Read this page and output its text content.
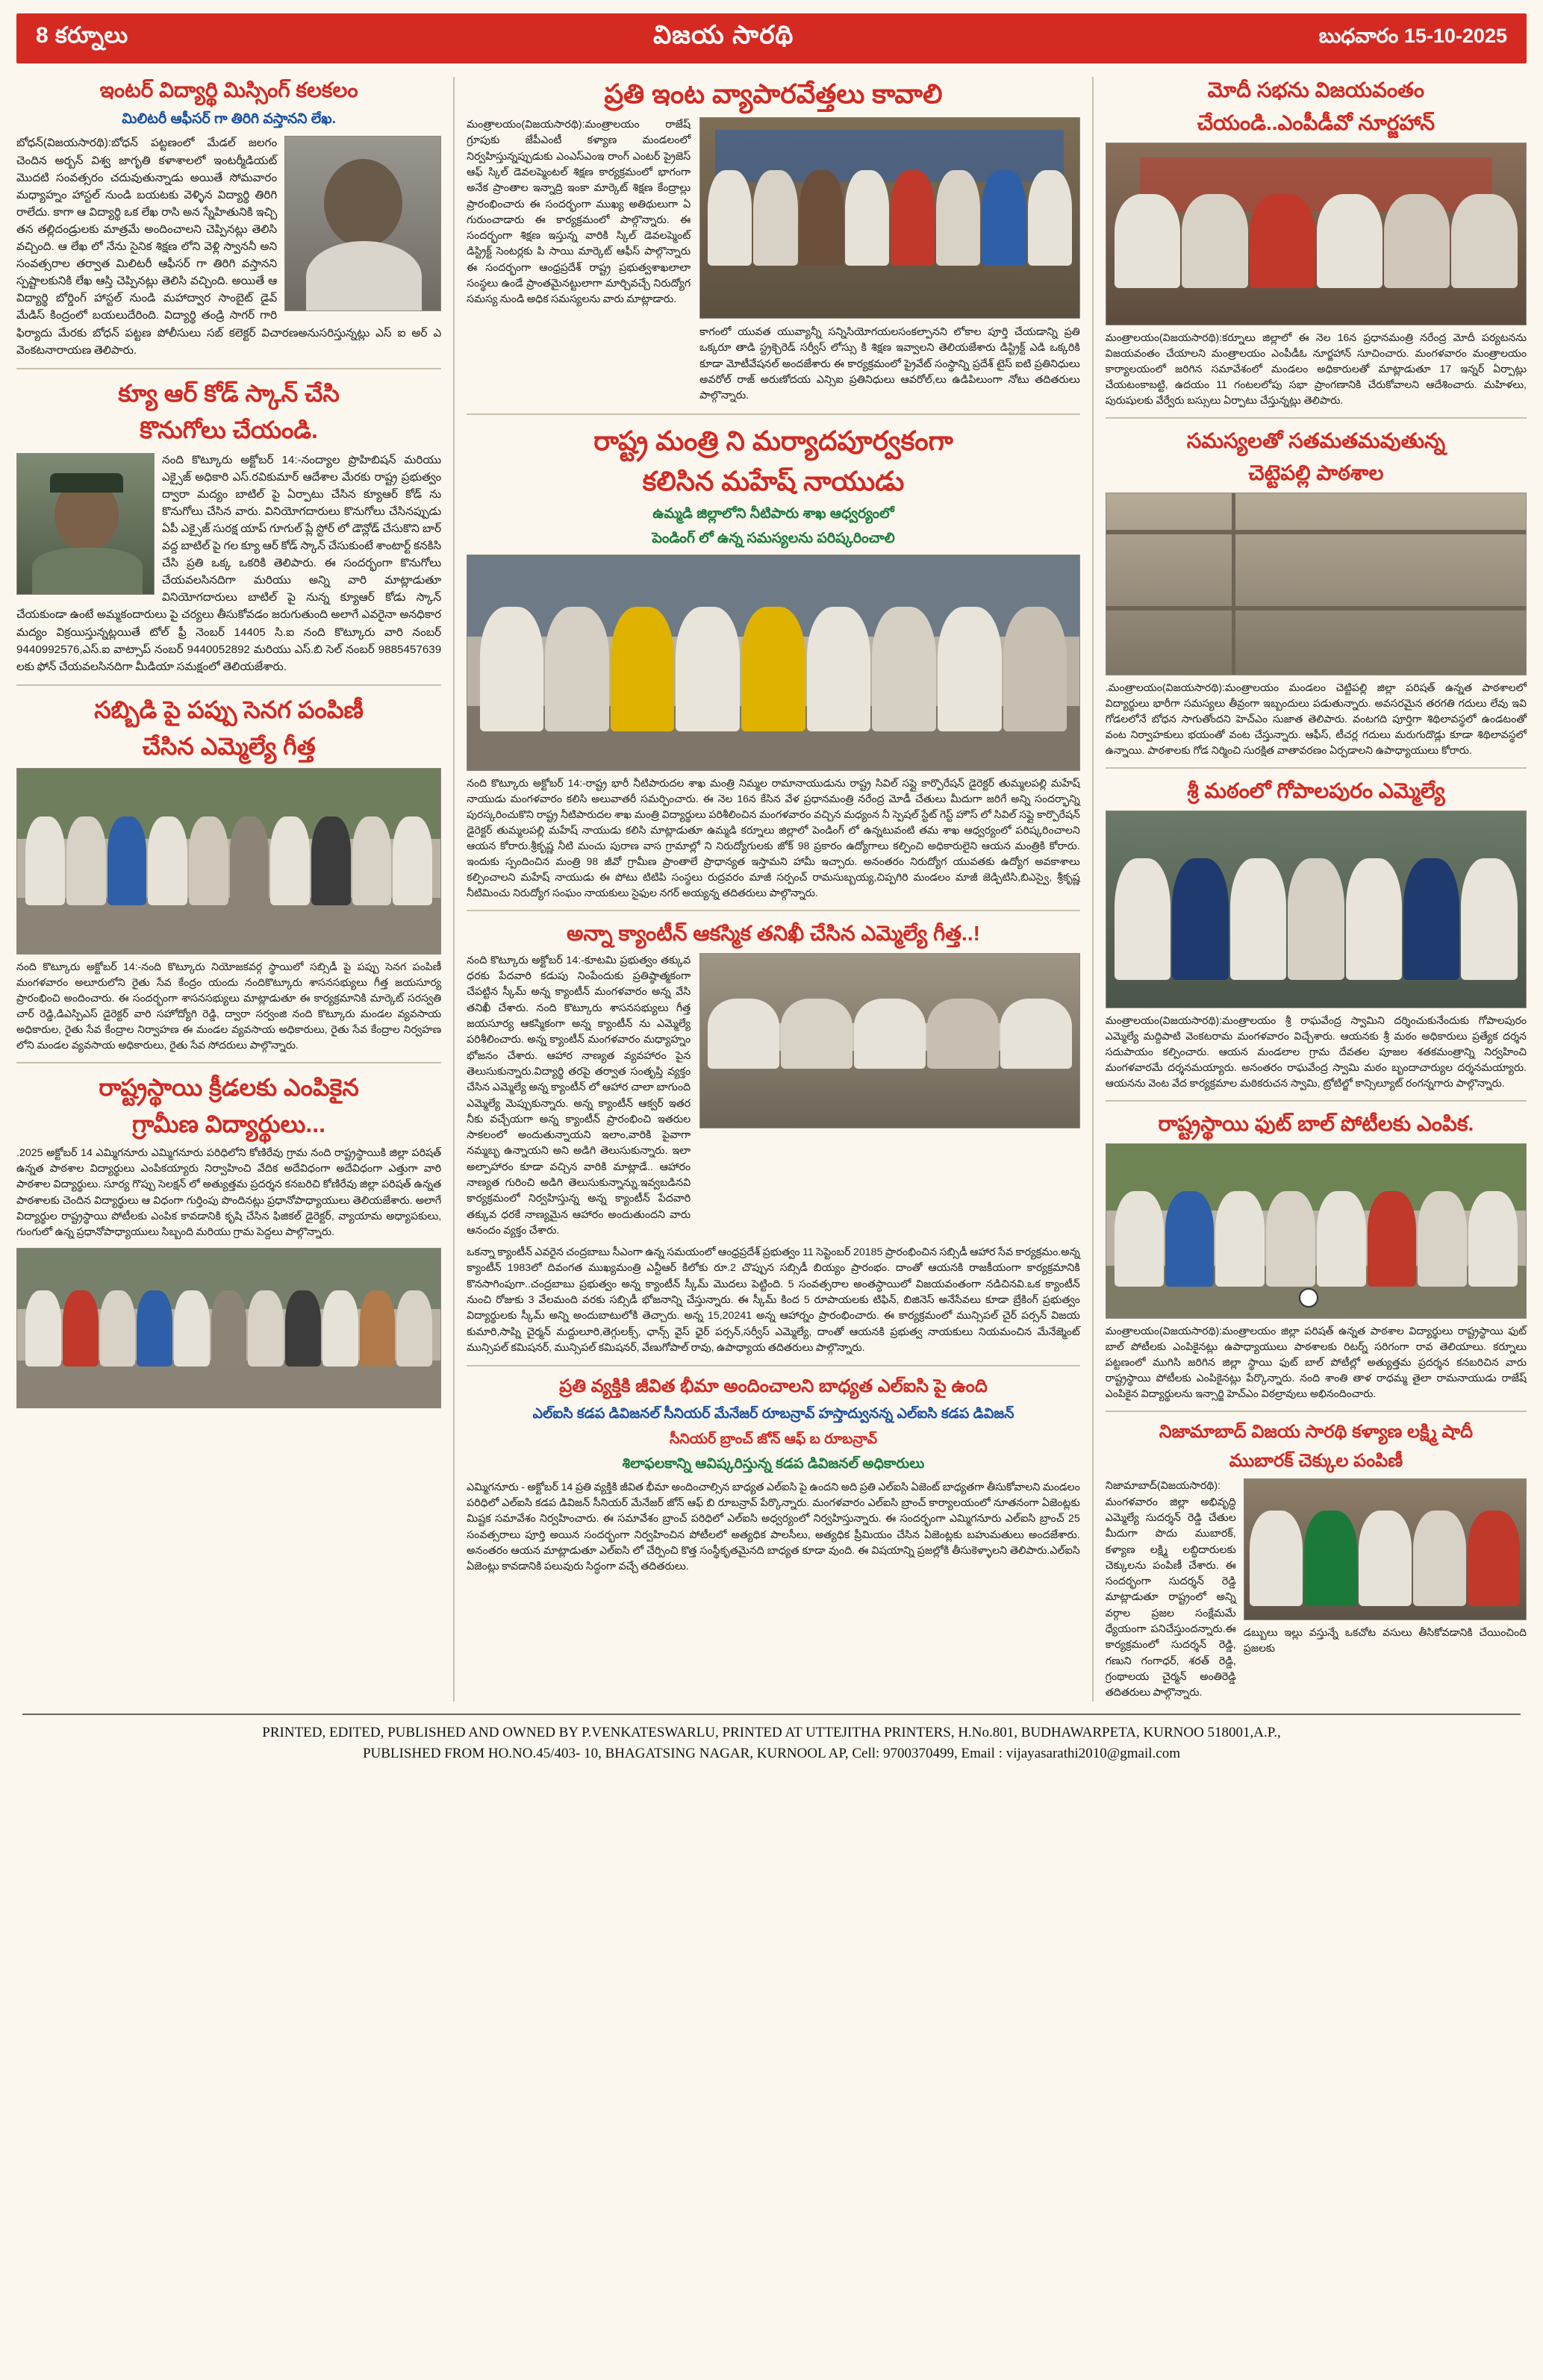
8 కర్నూలు	విజయ సారథి	బుధవారం 15-10-2025
ఇంటర్ విద్యార్థి మిస్సింగ్ కలకలం
మిలిటరీ ఆఫీసర్ గా తిరిగి వస్తానని లేఖ.
బోధన్(విజయసారథి):బోధన్ పట్టణంలో మేడల్ జలగం చెందిన అర్బన్ విశ్వ జాగృతి కళాశాలలో ఇంటర్మీడియట్ మొదటి సంవత్సరం చదువుతున్నాడు అయితే సోమవారం మధ్యాహ్నం హాస్టల్ నుండి బయటకు వెళ్ళిన విద్యార్థి తిరిగి రాలేదు. కాగా ఆ విద్యార్థి ఒక లేఖ రాసి అన స్నేహితునికి ఇచ్చి తన తల్లిదండ్రులకు మాత్రమే అందించాలని చెప్పినట్లు తెలిసి వచ్చింది. ఆ లేఖ లో నేను సైనిక శిక్షణ లోని వెళ్లి స్వాననీ అని సంవత్సరాల తర్వాత మిలిటరీ ఆఫీసర్ గా తిరిగి వస్తానని స్పష్టాలకునికి లేఖ ఆస్తి చెప్పినట్లు తెలిసి వచ్చింది. అయితే ఆ విద్యార్థి బోర్డింగ్ హాస్టల్ నుండి మహాద్వార సాంబైట్ డైవ్ మేడిస్ కింద్రంలో బయలుదేరింది. విద్యార్థి తండ్రి సాగర్ గారి ఫిర్యాదు మేరకు బోధన్ పట్టణ పోలీసులు సబ్ కలెక్టర్ విచారణఅనుసరిస్తున్నట్లు ఎస్ ఐ అర్ ఎ వెంకటనారాయణ తెలిపారు.
క్యూ ఆర్ కోడ్ స్కాన్ చేసి
కొనుగోలు చేయండి.
నంది కొట్కూరు అక్టోబర్ 14:-నంద్యాల ప్రొహిబిషన్ మరియు ఎక్సైజ్ అధికారి ఎస్.రవికుమార్ ఆదేశాల మేరకు రాష్ట్ర ప్రభుత్వం ద్వారా మద్యం బాటిల్ పై ఏర్పాటు చేసిన క్యూఆర్ కోడ్ ను కొనుగోలు చేసిన వారు. వినియోగదారులు కొనుగోలు చేసినప్పుడు ఏపీ ఎక్సైజ్ సురక్ష యాప్ గూగుల్ ప్లే స్టోర్ లో డౌన్లోడ్ చేసుకొని బార్ వద్ద బాటిల్ పై గల క్యూ ఆర్ కోడ్ స్కాన్ చేసుకుంటే శాంటార్ట్ కనకిసి చేసి ప్రతి ఒక్క ఒకరికి తెలిపారు. ఈ సందర్భంగా కొనుగోలు చేయవలసినదిగా మరియు అన్ని వారి మాట్లాడుతూ వినియోగదారులు బాటిల్ పై నున్న క్యూఆర్ కోడు స్కాన్ చేయకుండా ఉంటే అమ్మకందారులు పై చర్యలు తీసుకోవడం జరుగుతుంది అలాగే ఎవరైనా అనధికార మద్యం విక్రయిస్తున్నట్లయితే టోల్ ఫ్రీ నెంబర్ 14405 సి.ఐ నంది కొట్కూరు వారి నంబర్ 9440992576,ఎస్.ఐ వాట్సాప్ నంబర్ 9440052892 మరియు ఎస్.బి సెల్ నంబర్ 9885457639 లకు ఫోన్ చేయవలసినదిగా మీడియా సమక్షంలో తెలియజేశారు.
సబ్బిడి పై పప్పు సెనగ పంపిణీ
చేసిన ఎమ్మెల్యే గీత్త
నంది కొట్కూరు అక్టోబర్ 14:-నంది కొట్కూరు నియోజకవర్గ స్థాయిలో సబ్సిడీ పై పప్పు సెనగ పంపిణీ మంగళవారం అలూరులోని రైతు సేవ కేంద్రం యందు నందికొట్కూరు శాసనసభ్యులు గీత్త జయసూర్య ప్రారంభించి అందించారు. ఈ సందర్భంగా శాసనసభ్యులు మాట్లాడుతూ ఈ కార్యక్రమానికి మార్కెట్ సరస్వతి చార్ రెడ్డి,డిఎస్పిఎస్ డైరెక్టర్ వారి సహోద్యోగి రెడ్డి, ద్వారా సర్వంజి నంది కొట్కూరు మండల వ్యవసాయ అధికారుల, రైతు సేవ కేంద్రాల నిర్వాహణ ఈ మండల వ్యవసాయ అధికారులు, రైతు సేవ కేంద్రాల నిర్వహణ లోని మండల వ్యవసాయ అధికారులు, రైతు సేవ సోదరులు పాల్గొన్నారు.
రాష్ట్రస్థాయి క్రీడలకు ఎంపికైన
గ్రామీణ విద్యార్థులు...
.2025 అక్టోబర్ 14 ఎమ్మిగనూరు ఎమ్మిగనూరు పరిధిలోని కోణిరేవు గ్రామ నంది రాష్ట్రస్థాయికి జిల్లా పరిషత్ ఉన్నత పాఠశాల విద్యార్థులు ఎంపికయ్యారు నిర్వాహించి వేదిక అదేవిధంగా అదేవిధంగా ఎత్తుగా వారి పాఠశాల విద్యార్థులు. సూర్య గొప్పు సెలక్షన్ లో అత్యుత్తమ ప్రదర్శన కనబరిచి కోణిరేవు జిల్లా పరిషత్ ఉన్నత పాఠశాలకు చెందిన విద్యార్థులు ఆ విధంగా గుర్తింపు పొందినట్లు ప్రధానోపాధ్యాయులు తెలియజేశారు. అలాగే విద్యార్థుల రాష్ట్రస్థాయి పోటీలకు ఎంపిక కావడానికి కృషి చేసిన ఫిజికల్ డైరెక్టర్, వ్యాయామ అధ్యాపకులు, గుంగులో ఉన్న ప్రధానోపాధ్యాయులు సిబ్బంది మరియు గ్రామ పెద్దలు పాల్గొన్నారు.
ప్రతి ఇంట వ్యాపారవేత్తలు కావాలి
మంత్రాలయం(విజయసారథి):మంత్రాలయం రాజేష్ గ్రూపుకు జేపీఎంటీ కళ్యాణ మండలంలో నిర్వహిస్తున్నప్పుడుకు ఎంఎస్ఎంఇ రాంగ్ ఎంటర్ ప్రైజెస్ ఆఫ్ స్కిల్ డెవలప్మెంటల్ శిక్షణ కార్యక్రమంలో భాగంగా అనేక ప్రాంతాల ఇన్నాద్రి ఇంకా మార్కెట్ శిక్షణ కేంద్రాల్లు ప్రారంభించారు ఈ సందర్భంగా ముఖ్య అతిథులుగా ఏ గురుంచాడారు ఈ కార్యక్రమంలో పాల్గొన్నారు. ఈ సందర్భంగా శిక్షణ ఇస్తున్న వారికి స్కిల్ డెవలప్మెంట్ డిస్ట్రిక్ట్ సెంటర్లకు పి సాయి మార్కెట్ ఆఫీస్ పాల్గొన్నారు ఈ సందర్భంగా ఆంధ్రప్రదేశ్ రాష్ట్ర ప్రభుత్వశాఖలాలా సంస్థలు ఉండే ప్రాంతమైనట్టులాగా మార్చివచ్చే నిరుద్యోగ సమస్య నుండి అధిక సమస్యలను వారు మాట్లాడారు.
కాగంలో యువత యువ్యాన్నీ సన్నిసియోగయలసంకల్పానని లోకాల పూర్తి చేయడాన్ని ప్రతి ఒక్కరూ తాడి స్ట్రక్చెరెడ్ సర్వీస్ లోస్సు కి శిక్షణ ఇవ్వాలని తెలియజేశారు డిస్ట్రిక్ట్ ఎడి ఒక్కరికి కూడా మోటీవేషనల్ అందజేశారు ఈ కార్యక్రమంలో ప్రైవేట్ సంస్థాన్ని ప్రదేశ్ టైస్ ఐటి ప్రతినిధులు అవరోల్ రాజ్ అరుణోదయ ఎన్సిఐ ప్రతినిధులు ఆవరోల్,లు ఉడిపిలుంగా నోటు తదితరులు పాల్గొన్నారు.
రాష్ట్ర మంత్రి ని మర్యాదపూర్వకంగా
కలిసిన మహేష్ నాయుడు
ఉమ్మడి జిల్లాలోని నీటిపారు శాఖ ఆధ్వర్యంలో
పెండింగ్ లో ఉన్న సమస్యలను పరిష్కరించాలి
నంది కొట్కూరు అక్టోబర్ 14:-రాష్ట్ర భారీ నీటిపారుదల శాఖ మంత్రి నిమ్మల రామానాయుడును రాష్ట్ర సివిల్ సప్లై కార్పొరేషన్ డైరెక్టర్ తుమ్మలపల్లి మహేష్ నాయుడు మంగళవారం కలిసి అలువాతరీ సమర్పించారు. ఈ నెల 16న కేసిన వేళ ప్రధానమంత్రి నరేంద్ర మోడీ చేతులు మీదుగా జరిగే అన్ని సందర్భాన్ని పురస్కరించుకొని రాష్ట్ర నీటిపారుదల శాఖ మంత్రి విద్యార్థులు పరిశీలించిన మంగళవారం వచ్చిన మధ్యంన నీ స్పెషల్ స్టేట్ గెస్ట్ హౌస్ లో సివిల్ సప్లై కార్పొరేషన్ డైరెక్టర్ తుమ్మలపల్లి మహేష్ నాయుడు కలిసి మాట్లాడుతూ ఉమ్మడి కర్నూలు జిల్లాలో పెండింగ్ లో ఉన్నటువంటి తమ శాఖ ఆధ్వర్యంలో పరిష్కరించాలని ఆయన కోరారు.శ్రీకృష్ణ నీటి మంచు పురాణ వాస గ్రామాల్లో ని నిరుద్యోగులకు జోక్ 98 ప్రకారం ఉద్యోగాలు కల్పించి అధికారులైని ఆయన మంత్రికి కోరారు. ఇందుకు స్పందించిన మంత్రి 98 జీవో గ్రామీణ ప్రాంతాలే ప్రాధాన్యత ఇస్తామని హామీ ఇచ్చారు. అనంతరం నిరుద్యోగ యువతకు ఉద్యోగ అవకాశాలు కల్పించాలని మహేష్ నాయుడు ఈ పోటు టిటిపి సంస్థలు రుద్రవరం మాజీ సర్పంచ్ రామసుబ్బయ్య,చిప్పగిరి మండలం మాజీ జెడ్పిటిసి,బిఎస్వై, శ్రీకృష్ణ నీటిమించు నిరుద్యోగ సంఘం నాయకులు సైఫుల నగర్ అయ్యన్న తదితరులు పాల్గొన్నారు.
అన్నా క్యాంటీన్ ఆకస్మిక తనిఖీ చేసిన ఎమ్మెల్యే గీత్త..!
నంది కొట్కూరు అక్టోబర్ 14:-కూటమి ప్రభుత్వం తక్కువ ధరకు పేదవారి కడుపు నింపేందుకు ప్రతిష్ఠాత్మకంగా చేపట్టిన స్కీమ్ అన్న క్యాంటీన్ మంగళవారం అన్న వేసి తనిఖీ చేశారు. నంది కొట్కూరు శాసనసభ్యులు గీత్త జయసూర్య ఆకస్మికంగా అన్న క్యాంటీన్ ను ఎమ్మెల్యే పరిశీలించారు. అన్న క్యాంటీన్ మంగళవారం మధ్యాహ్నం భోజనం చేశారు. ఆహార నాణ్యత వ్యవహారం పైన తెలుసుకున్నారు.విద్యార్థి తరపై తర్వాత సంతృప్తి వ్యక్తం చేసిన ఎమ్మెల్యే అన్న క్యాంటీన్ లో ఆహార చాలా బాగుంది ఎమ్మెల్యే మెప్పుకున్నారు. అన్న క్యాంటీన్ ఆక్వర్ ఇతర నీకు వచ్చేయగా అన్న క్యాంటీన్ ప్రారంభించి ఇతరుల సాకలంలో అందుతున్నాయని ఇలాం,వారికి పైవాగా నమ్మబృ ఉన్నాయని అని అడిగి తెలుసుకున్నారు. ఇలా అల్పాహారం కూడా వచ్చిన వారికి మాట్లాడే.. ఆహారం నాణ్యత గురించి అడిగి తెలుసుకున్నాన్ను.ఇవ్వబడినవి కార్యక్రమంలో నిర్వహిస్తున్న అన్న క్యాంటీన్ పేదవారి తక్కువ ధరకే నాణ్యమైన ఆహారం అందుతుందని వారు ఆనందం వ్యక్తం చేశారు.
ఒకన్నా క్యాంటీన్ ఎవరైన చంద్రబాబు సీఎంగా ఉన్న సమయంలో ఆంధ్రప్రదేశ్ ప్రభుత్వం 11 సెప్టెంబర్ 20185 ప్రారంభించిన సబ్సిడీ ఆహార సేవ కార్యక్రమం.అన్న క్యాంటీన్ 1983లో దివంగత ముఖ్యమంత్రి ఎన్టీఆర్ కిలోకు రూ.2 చొప్పున సబ్సిడీ బియ్యం ప్రారంభం. దాంతో ఆయనకి రాజకీయంగా కార్యక్రమానికి కొనసాగింపుగా..చంద్రబాబు ప్రభుత్వం అన్న క్యాంటీన్ స్కీమ్ మొదలు పెట్టింది. 5 సంవత్సరాల అంతస్ధాయిలో విజయవంతంగా నడిచినవి.ఒక క్యాంటీన్ నుంచి రోజుకు 3 వేలమంది వరకు సబ్సిడీ భోజనాన్ని చేస్తున్నారు. ఈ స్కీమ్ కింద 5 రూపాయలకు టిఫిన్, బిజినెస్ అనేసేవలు కూడా బ్రేకింగ్ ప్రభుత్వం విద్యార్థులకు స్కీమ్ అన్ని అందుబాటులోకి తెచ్చారు. అన్న 15,20241 అన్న ఆహార్నం ప్రారంభించారు. ఈ కార్యక్రమంలో మున్సిపల్ చైర్ పర్సన్ విజయ కుమారి,సాప్ని చైర్మన్ మద్దులూరి,తెగ్గులక్స్, ఛాన్స్ వైస్ ఛైర్ పర్సన్,సర్వీస్ ఎమ్మెల్యే, దాంతో ఆయనకి ప్రభుత్వ నాయకులు నియమంచిన మేనేజ్మెంట్ మున్సిపల్ కమిషనర్, మున్సిపల్ కమిషనర్, వేణుగోపాల్ రావు, ఉపాధ్యాయ తదితరులు పాల్గొన్నారు.
ప్రతి వ్యక్తికి జీవిత భీమా అందించాలని బాధ్యత ఎల్ఐసి పై ఉంది
ఎల్ఐసి కడప డివిజనల్ సీనియర్ మేనేజర్ రూబన్రావ్ హస్తాద్వునన్న ఎల్ఐసి కడప డివిజన్
సీనియర్ బ్రాంచ్ జోన్ ఆఫ్ బ రూబన్రావ్
శిలాఫలకాన్ని ఆవిష్కరిస్తున్న కడప డివిజనల్ అధికారులు
ఎమ్మిగనూరు - అక్టోబర్ 14 ప్రతి వ్యక్తికి జీవిత భీమా అందించాల్సిన బాధ్యత ఎల్ఐసి పై ఉందని అది ప్రతి ఎల్ఐసి ఏజెంట్ బాధ్యతగా తీసుకోవాలని మండలం పరిధిలో ఎల్ఐసి కడప డివిజన్ సీనియర్ మేనేజర్ జోన్ ఆఫ్ బి రూబన్రావ్ పేర్కొన్నారు. మంగళవారం ఎల్ఐసి బ్రాంచ్ కార్యాలయంలో నూతనంగా ఏజెంట్లకు మిష్టక సమావేశం నిర్వహించారు. ఈ సమావేశం బ్రాంచ్ పరిధిలో ఎల్ఐసి అధ్వర్యంలో నిర్వహిస్తున్నారు. ఈ సందర్భంగా ఎమ్మిగనూరు ఎల్ఐసి బ్రాంచ్ 25 సంవత్సరాలు పూర్తి అయిన సందర్భంగా నిర్వహించిన పోటీలలో అత్యధిక పాలసీలు, అత్యధిక ప్రీమియం చేసిన ఏజెంట్లకు బహుమతులు అందజేశారు. అనంతరం ఆయన మాట్లాడుతూ ఎల్ఐసి లో చేర్పించి కొత్త సంస్థీకృతమైనది బాధ్యత కూడా వుంది. ఈ విషయాన్ని ప్రజల్లోకి తీసుకెళ్ళాలని తెలిపారు.ఎల్ఐసి ఏజెంట్లు కావడానికి పలువురు సిద్ధంగా వచ్చే తదితరులు.
మోదీ సభను విజయవంతం
చేయండి..ఎంపీడీవో నూర్జహాన్
మంత్రాలయం(విజయసారథి):కర్నూలు జిల్లాలో ఈ నెల 16న ప్రధానమంత్రి నరేంద్ర మోదీ పర్యటనను విజయవంతం చేయాలని మంత్రాలయం ఎంపీడీఓ నూర్జహాన్ సూచించారు. మంగళవారం మంత్రాలయం కార్యాలయంలో జరిగిన సమావేశంలో మండలం అధికారులతో మాట్లాడుతూ 17 ఇన్నర్ ఏర్పాట్లు చేయటంకాబట్టి, ఉదయం 11 గంటలలోపు సభా ప్రాంగణానికి చేరుకోవాలని ఆదేశించారు. మహిళలు, పురుషులకు వేర్వేరు బస్సులు ఏర్పాటు చేస్తున్నట్లు తెలిపారు.
సమస్యలతో సతమతమవుతున్న
చెట్టెపల్లి పాఠశాల
.మంత్రాలయం(విజయసారథి):మంత్రాలయం మండలం చెట్టిపల్లి జిల్లా పరిషత్ ఉన్నత పాఠశాలలో విద్యార్థులు భారీగా సమస్యలు తీవ్రంగా ఇబ్బందులు పడుతున్నారు. అవసరమైన తరగతి గదులు లేవు ఇవి గోడలలోనే బోధన సాగుతోందని హెచ్ఎం సుజాత తెలిపారు. వంటగది పూర్తిగా శిథిలావస్థలో ఉండటంతో వంట నిర్వాహకులు భయంతో వంట చేస్తున్నారు. ఆఫీస్, టీచర్ల గదులు మరుగుదొడ్లు కూడా శిథిలావస్థలో ఉన్నాయి. పాఠశాలకు గోడ నిర్మించి సురక్షిత వాతావరణం ఏర్పడాలని ఉపాధ్యాయులు కోరారు.
శ్రీ మఠంలో గోపాలపురం ఎమ్మెల్యే
మంత్రాలయం(విజయసారథి):మంత్రాలయం శ్రీ రాఘవేంద్ర స్వామిని దర్శించుకునేందుకు గోపాలపురం ఎమ్మెల్యే మద్దిపాటి వెంకటరామ మంగళవారం విచ్చేశారు. ఆయనకు శ్రీ మఠం అధికారులు ప్రత్యేక దర్శన సదుపాయం కల్పించారు. ఆయన మండలాల గ్రామ దేవతల పూజల శతకమంత్రాన్ని నిర్వహించి మంగళవారమే దర్శనమయ్యారు. అనంతరం రాఘవేంద్ర స్వామి మఠం బృందాచార్యుల దర్శనమయ్యారు. ఆయనను వెంట వేద కార్యక్రమాల మఠికరుచన స్వామి, ట్రోటిల్జో కాన్సిల్యూట్ రంగన్నగారు పాల్గొన్నారు.
రాష్ట్రస్థాయి ఫుట్ బాల్ పోటీలకు ఎంపిక.
మంత్రాలయం(విజయసారథి):మంత్రాలయం జిల్లా పరిషత్ ఉన్నత పాఠశాల విద్యార్థులు రాష్ట్రస్థాయి ఫుట్ బాల్ పోటీలకు ఎంపికైనట్లు ఉపాధ్యాయులు పాఠశాలకు రిటర్న్ సరిగంగా రావ తెలియాలు. కర్నూలు పట్టణంలో ముగిసి జరిగిన జిల్లా స్థాయి ఫుట్ బాల్ పోటీల్లో అత్యుత్తమ ప్రదర్శన కనబరిచిన వారు రాష్ట్రస్థాయి పోటీలకు ఎంపికైనట్లు పేర్కొన్నారు. నంది శాంతి తాళ రాధమ్మ తైలా రామనాయుడు రాజేష్ ఎంపికైన విద్యార్థులను ఇన్సార్జి హెచ్ఎం విఠల్రావులు అభినందించారు.
నిజామాబాద్ విజయ సారథి కళ్యాణ లక్ష్మి షాదీ
ముబారక్ చెక్కుల పంపిణీ
నిజామాబాద్(విజయసారథి): మంగళవారం జిల్లా అభివృద్ధి ఎమ్మెల్యే సుదర్శన్ రెడ్డి చేతుల మీదుగా పొదు ముబారక్, కళ్యాణ లక్ష్మి లబ్ధిదారులకు చెక్కులను పంపిణీ చేశారు. ఈ సందర్భంగా సుదర్శన్ రెడ్డి మాట్లాడుతూ రాష్ట్రంలో అన్ని వర్గాల ప్రజల సంక్షేమమే ధ్యేయంగా పనిచేస్తుందన్నారు.ఈ కార్యక్రమంలో సుదర్శన్ రెడ్డి, గణుని గంగాధర్, శరత్ రెడ్డి, గ్రంథాలయ చైర్మన్ అంతిరెడ్డి తదితరులు పాల్గొన్నారు.
డబ్బులు ఇల్లు వస్తున్నే ఒకచోట వసులు తీసికోవడానికి చేయించింది ప్రజలకు
PRINTED, EDITED, PUBLISHED AND OWNED BY P.VENKATESWARLU, PRINTED AT UTTEJITHA PRINTERS, H.No.801, BUDHAWARPETA, KURNOO 518001,A.P.,
PUBLISHED FROM HO.NO.45/403- 10, BHAGATSING NAGAR, KURNOOL AP, Cell: 9700370499, Email : vijayasarathi2010@gmail.com
